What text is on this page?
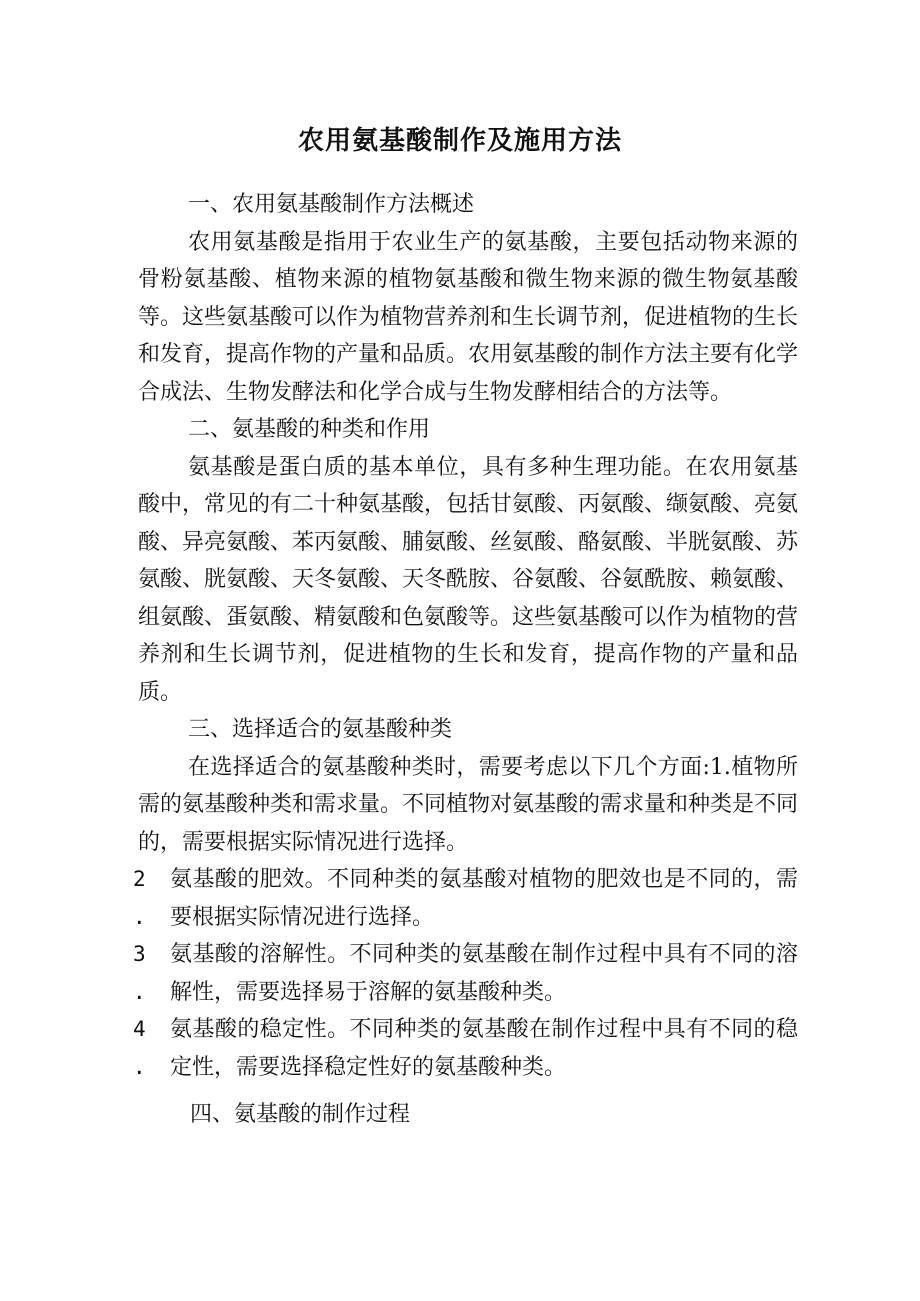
农用氨基酸制作及施用方法

一、农用氨基酸制作方法概述

农用氨基酸是指用于农业生产的氨基酸，主要包括动物来源的骨粉氨基酸、植物来源的植物氨基酸和微生物来源的微生物氨基酸等。这些氨基酸可以作为植物营养剂和生长调节剂，促进植物的生长和发育，提高作物的产量和品质。农用氨基酸的制作方法主要有化学合成法、生物发酵法和化学合成与生物发酵相结合的方法等。

二、氨基酸的种类和作用

氨基酸是蛋白质的基本单位，具有多种生理功能。在农用氨基酸中，常见的有二十种氨基酸，包括甘氨酸、丙氨酸、缬氨酸、亮氨酸、异亮氨酸、苯丙氨酸、脯氨酸、丝氨酸、酪氨酸、半胱氨酸、苏氨酸、胱氨酸、天冬氨酸、天冬酰胺、谷氨酸、谷氨酰胺、赖氨酸、组氨酸、蛋氨酸、精氨酸和色氨酸等。这些氨基酸可以作为植物的营养剂和生长调节剂，促进植物的生长和发育，提高作物的产量和品质。

三、选择适合的氨基酸种类

在选择适合的氨基酸种类时，需要考虑以下几个方面:1.植物所需的氨基酸种类和需求量。不同植物对氨基酸的需求量和种类是不同的，需要根据实际情况进行选择。

2 .
氨基酸的肥效。不同种类的氨基酸对植物的肥效也是不同的，需要根据实际情况进行选择。
3 .
氨基酸的溶解性。不同种类的氨基酸在制作过程中具有不同的溶解性，需要选择易于溶解的氨基酸种类。
4 .
氨基酸的稳定性。不同种类的氨基酸在制作过程中具有不同的稳定性，需要选择稳定性好的氨基酸种类。

四、氨基酸的制作过程
